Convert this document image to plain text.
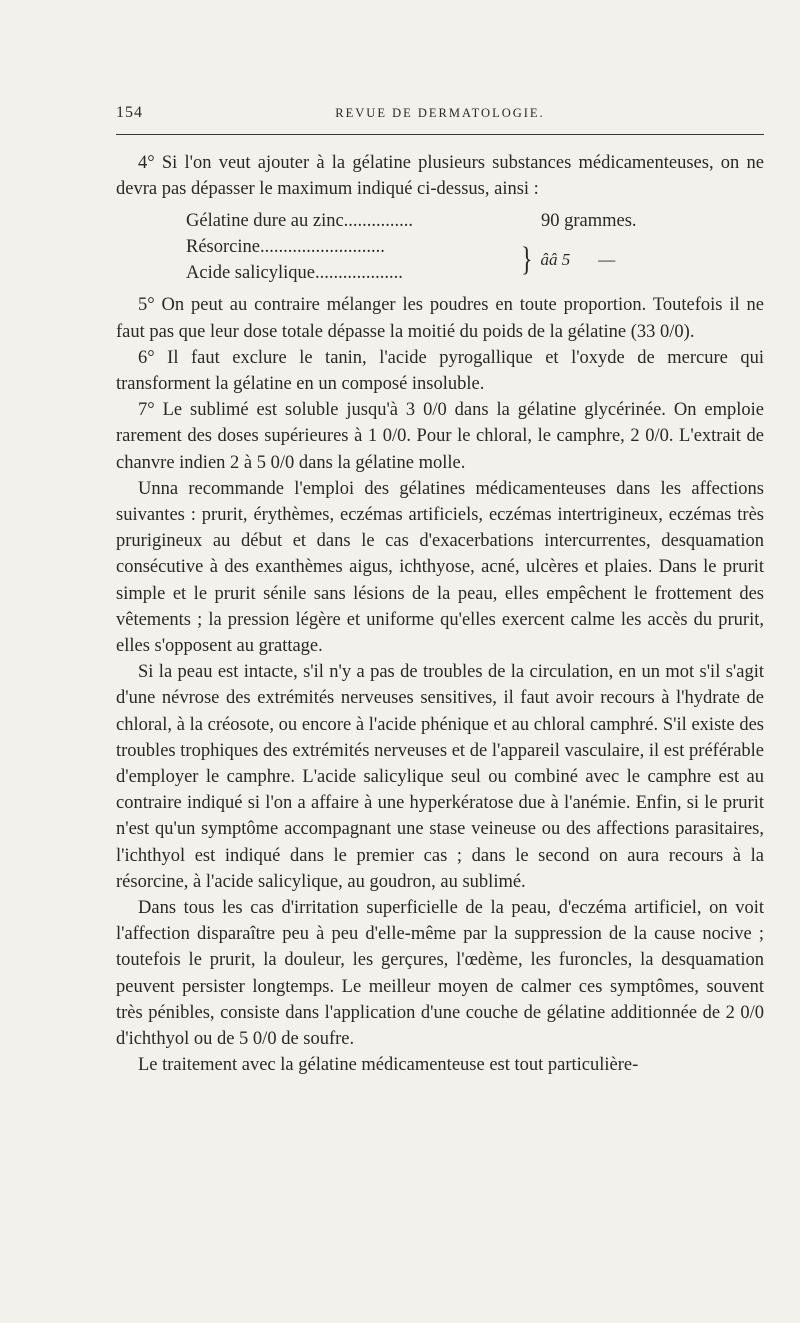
154	REVUE DE DERMATOLOGIE.

4° Si l'on veut ajouter à la gélatine plusieurs substances médicamenteuses, on ne devra pas dépasser le maximum indiqué ci-dessus, ainsi :

Gélatine dure au zinc...............	90 grammes.
Résorcine...........................
Acide salicylique...................	} ââ 5 —

5° On peut au contraire mélanger les poudres en toute proportion. Toutefois il ne faut pas que leur dose totale dépasse la moitié du poids de la gélatine (33 0/0).

6° Il faut exclure le tanin, l'acide pyrogallique et l'oxyde de mercure qui transforment la gélatine en un composé insoluble.

7° Le sublimé est soluble jusqu'à 3 0/0 dans la gélatine glycérinée. On emploie rarement des doses supérieures à 1 0/0. Pour le chloral, le camphre, 2 0/0. L'extrait de chanvre indien 2 à 5 0/0 dans la gélatine molle.

Unna recommande l'emploi des gélatines médicamenteuses dans les affections suivantes : prurit, érythèmes, eczémas artificiels, eczémas intertrigineux, eczémas très prurigineux au début et dans le cas d'exacerbations intercurrentes, desquamation consécutive à des exanthèmes aigus, ichthyose, acné, ulcères et plaies. Dans le prurit simple et le prurit sénile sans lésions de la peau, elles empêchent le frottement des vêtements ; la pression légère et uniforme qu'elles exercent calme les accès du prurit, elles s'opposent au grattage.

Si la peau est intacte, s'il n'y a pas de troubles de la circulation, en un mot s'il s'agit d'une névrose des extrémités nerveuses sensitives, il faut avoir recours à l'hydrate de chloral, à la créosote, ou encore à l'acide phénique et au chloral camphré. S'il existe des troubles trophiques des extrémités nerveuses et de l'appareil vasculaire, il est préférable d'employer le camphre. L'acide salicylique seul ou combiné avec le camphre est au contraire indiqué si l'on a affaire à une hyperkératose due à l'anémie. Enfin, si le prurit n'est qu'un symptôme accompagnant une stase veineuse ou des affections parasitaires, l'ichthyol est indiqué dans le premier cas ; dans le second on aura recours à la résorcine, à l'acide salicylique, au goudron, au sublimé.

Dans tous les cas d'irritation superficielle de la peau, d'eczéma artificiel, on voit l'affection disparaître peu à peu d'elle-même par la suppression de la cause nocive ; toutefois le prurit, la douleur, les gerçures, l'œdème, les furoncles, la desquamation peuvent persister longtemps. Le meilleur moyen de calmer ces symptômes, souvent très pénibles, consiste dans l'application d'une couche de gélatine additionnée de 2 0/0 d'ichthyol ou de 5 0/0 de soufre.

Le traitement avec la gélatine médicamenteuse est tout particulière-
